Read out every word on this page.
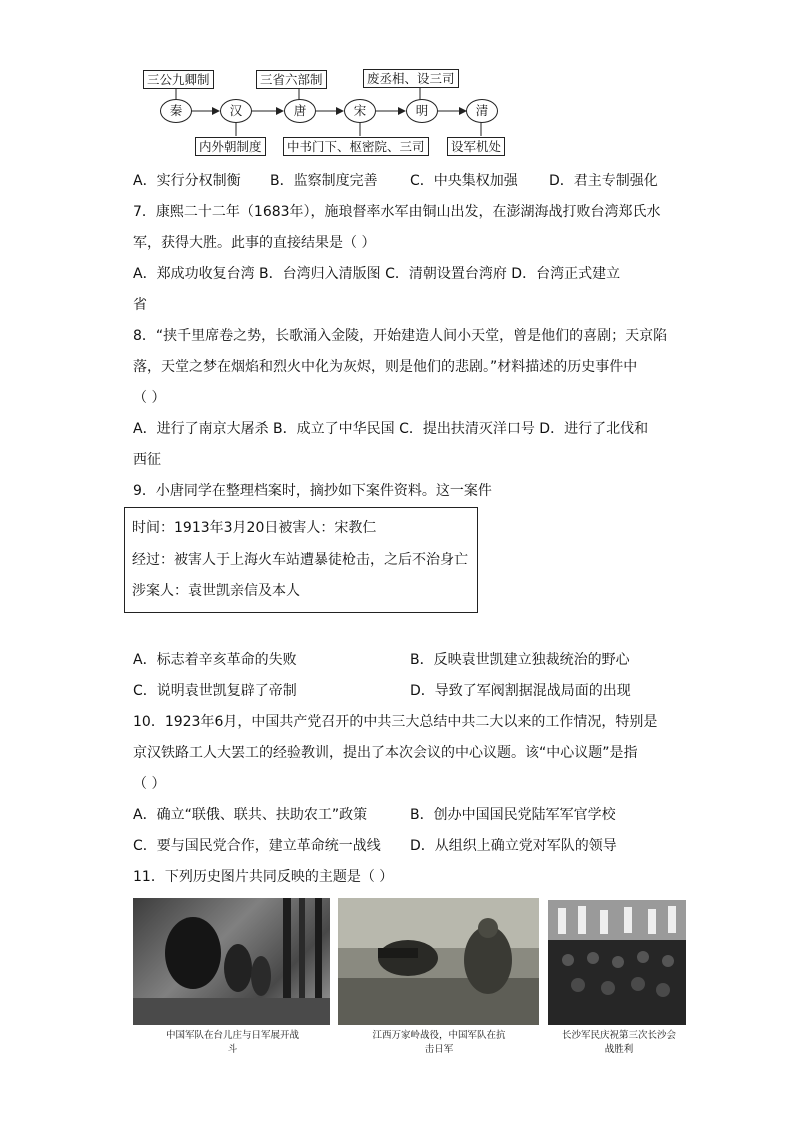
三公九卿制	三省六部制	废丞相、设三司
秦	汉	唐	宋	明	清
内外朝制度	中书门下、枢密院、三司	设军机处
A．实行分权制衡 B．监察制度完善 C．中央集权加强 D．君主专制强化
7．康熙二十二年（1683年），施琅督率水军由铜山出发，在澎湖海战打败台湾郑氏水
军，获得大胜。此事的直接结果是（ ）
A．郑成功收复台湾 B．台湾归入清版图 C．清朝设置台湾府 D．台湾正式建立
省
8．“挟千里席卷之势，长歌涌入金陵，开始建造人间小天堂，曾是他们的喜剧；天京陷
落，天堂之梦在烟焰和烈火中化为灰烬，则是他们的悲剧。”材料描述的历史事件中
（ ）
A．进行了南京大屠杀 B．成立了中华民国 C．提出扶清灭洋口号 D．进行了北伐和
西征
9．小唐同学在整理档案时，摘抄如下案件资料。这一案件
时间：1913年3月20日被害人：宋教仁
经过：被害人于上海火车站遭暴徒枪击，之后不治身亡
涉案人：袁世凯亲信及本人
A．标志着辛亥革命的失败	B．反映袁世凯建立独裁统治的野心
C．说明袁世凯复辟了帝制	D．导致了军阀割据混战局面的出现
10．1923年6月，中国共产党召开的中共三大总结中共二大以来的工作情况，特别是
京汉铁路工人大罢工的经验教训，提出了本次会议的中心议题。该“中心议题”是指
（ ）
A．确立“联俄、联共、扶助农工”政策	B．创办中国国民党陆军军官学校
C．要与国民党合作，建立革命统一战线 D．从组织上确立党对军队的领导
11．下列历史图片共同反映的主题是（ ）
中国军队在台儿庄与日军展开战斗
江西万家岭战役，中国军队在抗击日军
长沙军民庆祝第三次长沙会战胜利
